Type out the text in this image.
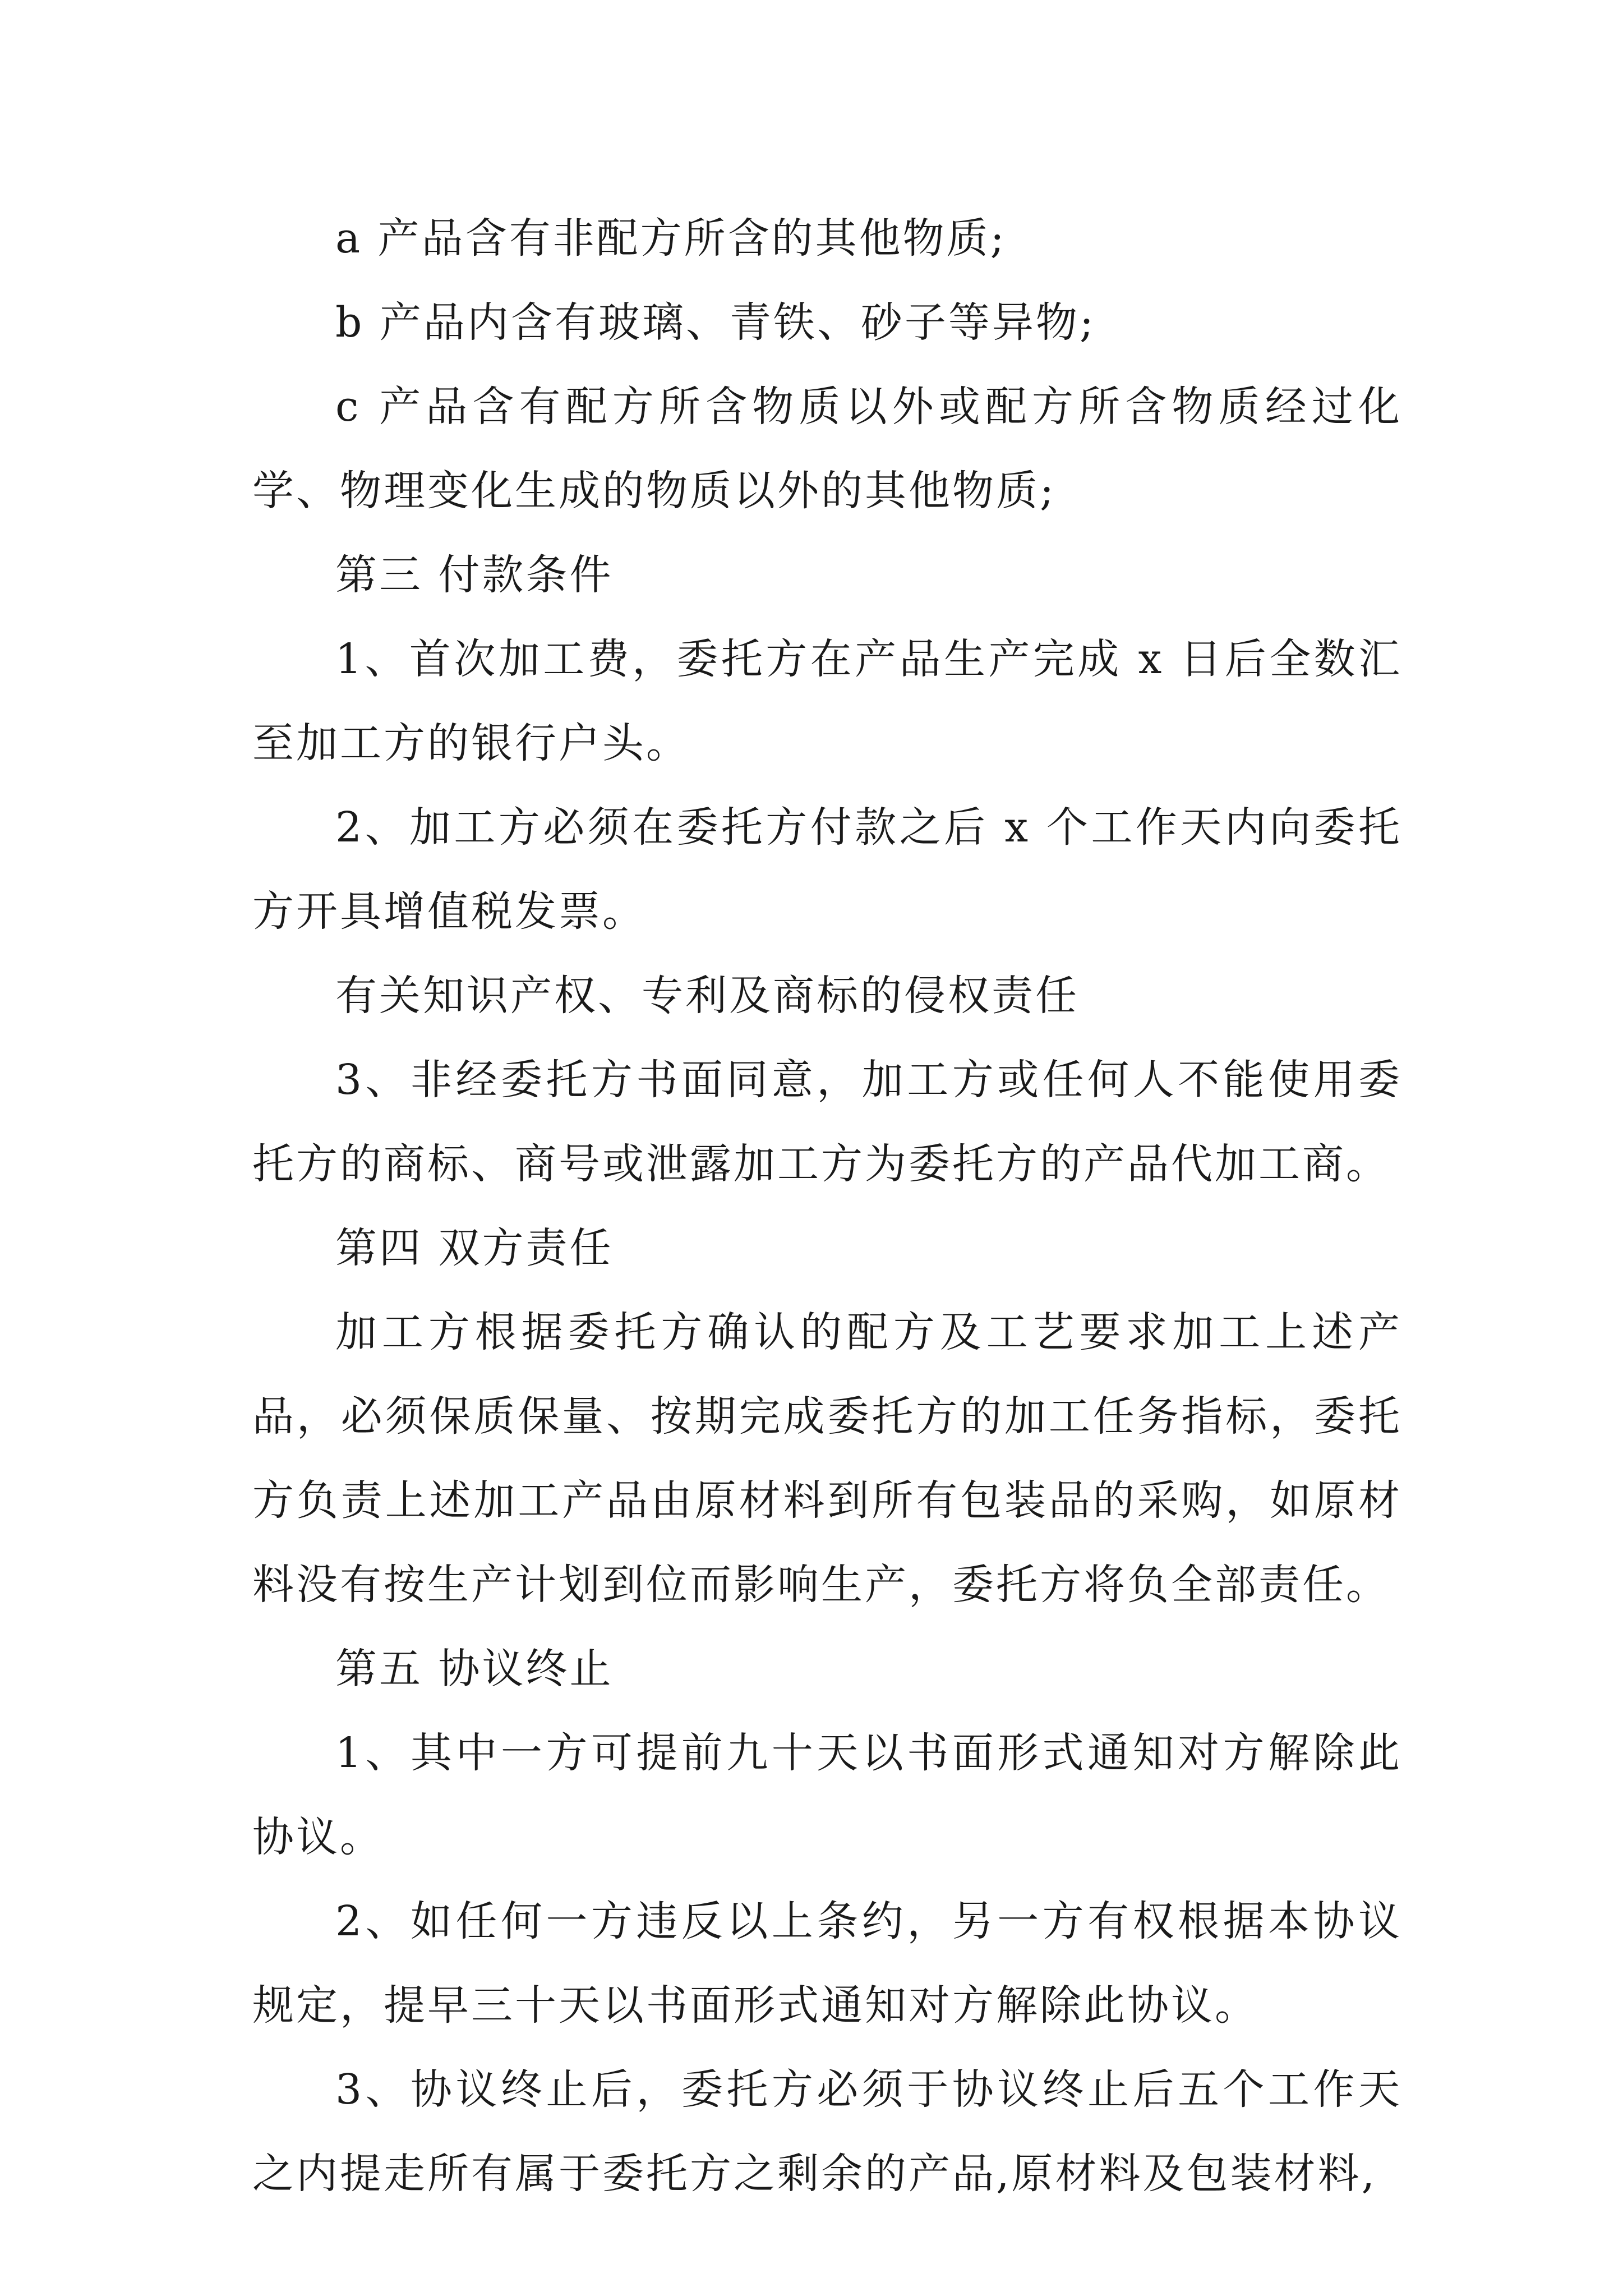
a 产品含有非配方所含的其他物质;

b 产品内含有玻璃、青铁、砂子等异物;

c 产品含有配方所含物质以外或配方所含物质经过化学、物理变化生成的物质以外的其他物质;

第三 付款条件

1、首次加工费，委托方在产品生产完成 x 日后全数汇至加工方的银行户头。

2、加工方必须在委托方付款之后 x 个工作天内向委托方开具增值税发票。

有关知识产权、专利及商标的侵权责任

3、非经委托方书面同意，加工方或任何人不能使用委托方的商标、商号或泄露加工方为委托方的产品代加工商。

第四 双方责任

加工方根据委托方确认的配方及工艺要求加工上述产品，必须保质保量、按期完成委托方的加工任务指标，委托方负责上述加工产品由原材料到所有包装品的采购，如原材料没有按生产计划到位而影响生产，委托方将负全部责任。

第五 协议终止

1、其中一方可提前九十天以书面形式通知对方解除此协议。

2、如任何一方违反以上条约，另一方有权根据本协议规定，提早三十天以书面形式通知对方解除此协议。

3、协议终止后，委托方必须于协议终止后五个工作天之内提走所有属于委托方之剩余的产品,原材料及包装材料,
